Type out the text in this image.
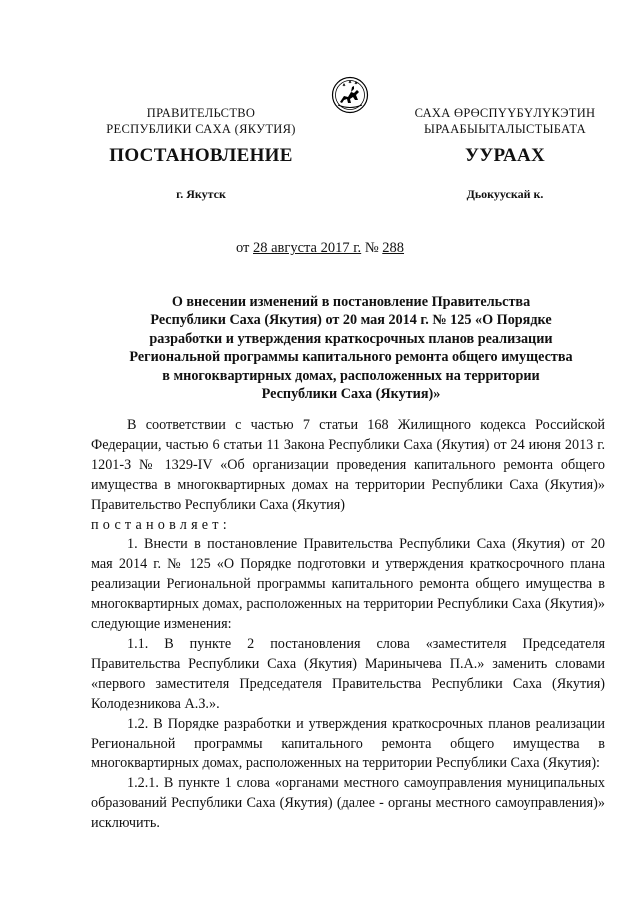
ПРАВИТЕЛЬСТВО
РЕСПУБЛИКИ САХА (ЯКУТИЯ)
САХА ӨРӨСПҮҮБҮЛҮКЭТИН
ЫРААБЫЫТАЛЫСТЫБАТА
ПОСТАНОВЛЕНИЕ	УУРААХ
г. Якутск	Дьокуускай к.
от 28 августа 2017 г. № 288
О внесении изменений в постановление Правительства
Республики Саха (Якутия) от 20 мая 2014 г. № 125 «О Порядке
разработки и утверждения краткосрочных планов реализации
Региональной программы капитального ремонта общего имущества
в многоквартирных домах, расположенных на территории
Республики Саха (Якутия)»

В соответствии с частью 7 статьи 168 Жилищного кодекса Российской Федерации, частью 6 статьи 11 Закона Республики Саха (Якутия) от 24 июня 2013 г. 1201-З № 1329-IV «Об организации проведения капитального ремонта общего имущества в многоквартирных домах на территории Республики Саха (Якутия)» Правительство Республики Саха (Якутия)

постановляет:

1. Внести в постановление Правительства Республики Саха (Якутия) от 20 мая 2014 г. № 125 «О Порядке подготовки и утверждения краткосрочного плана реализации Региональной программы капитального ремонта общего имущества в многоквартирных домах, расположенных на территории Республики Саха (Якутия)» следующие изменения:

1.1. В пункте 2 постановления слова «заместителя Председателя Правительства Республики Саха (Якутия) Маринычева П.А.» заменить словами «первого заместителя Председателя Правительства Республики Саха (Якутия) Колодезникова А.З.».

1.2. В Порядке разработки и утверждения краткосрочных планов реализации Региональной программы капитального ремонта общего имущества в многоквартирных домах, расположенных на территории Республики Саха (Якутия):

1.2.1. В пункте 1 слова «органами местного самоуправления муниципальных образований Республики Саха (Якутия) (далее - органы местного самоуправления)» исключить.
